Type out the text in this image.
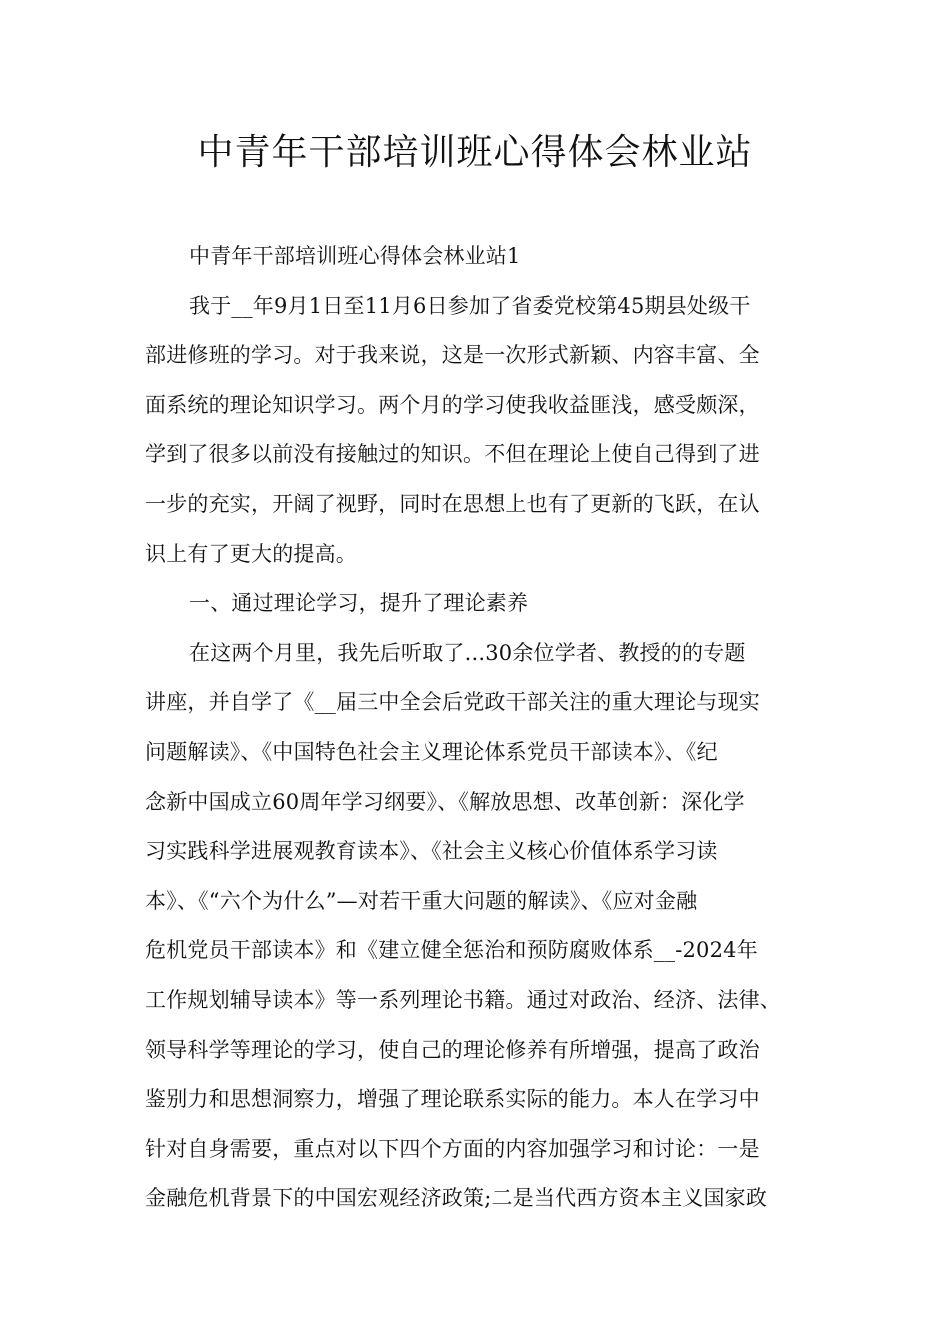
中青年干部培训班心得体会林业站
中青年干部培训班心得体会林业站1
我于__年9月1日至11月6日参加了省委党校第45期县处级干
部进修班的学习。对于我来说，这是一次形式新颖、内容丰富、全
面系统的理论知识学习。两个月的学习使我收益匪浅，感受颇深，
学到了很多以前没有接触过的知识。不但在理论上使自己得到了进
一步的充实，开阔了视野，同时在思想上也有了更新的飞跃，在认
识上有了更大的提高。
一、通过理论学习，提升了理论素养
在这两个月里，我先后听取了...30余位学者、教授的的专题
讲座，并自学了《__届三中全会后党政干部关注的重大理论与现实
问题解读》、《中国特色社会主义理论体系党员干部读本》、《纪
念新中国成立60周年学习纲要》、《解放思想、改革创新：深化学
习实践科学进展观教育读本》、《社会主义核心价值体系学习读
本》、《“六个为什么”—对若干重大问题的解读》、《应对金融
危机党员干部读本》和《建立健全惩治和预防腐败体系__-2024年
工作规划辅导读本》等一系列理论书籍。通过对政治、经济、法律、
领导科学等理论的学习，使自己的理论修养有所增强，提高了政治
鉴别力和思想洞察力，增强了理论联系实际的能力。本人在学习中
针对自身需要，重点对以下四个方面的内容加强学习和讨论：一是
金融危机背景下的中国宏观经济政策;二是当代西方资本主义国家政
